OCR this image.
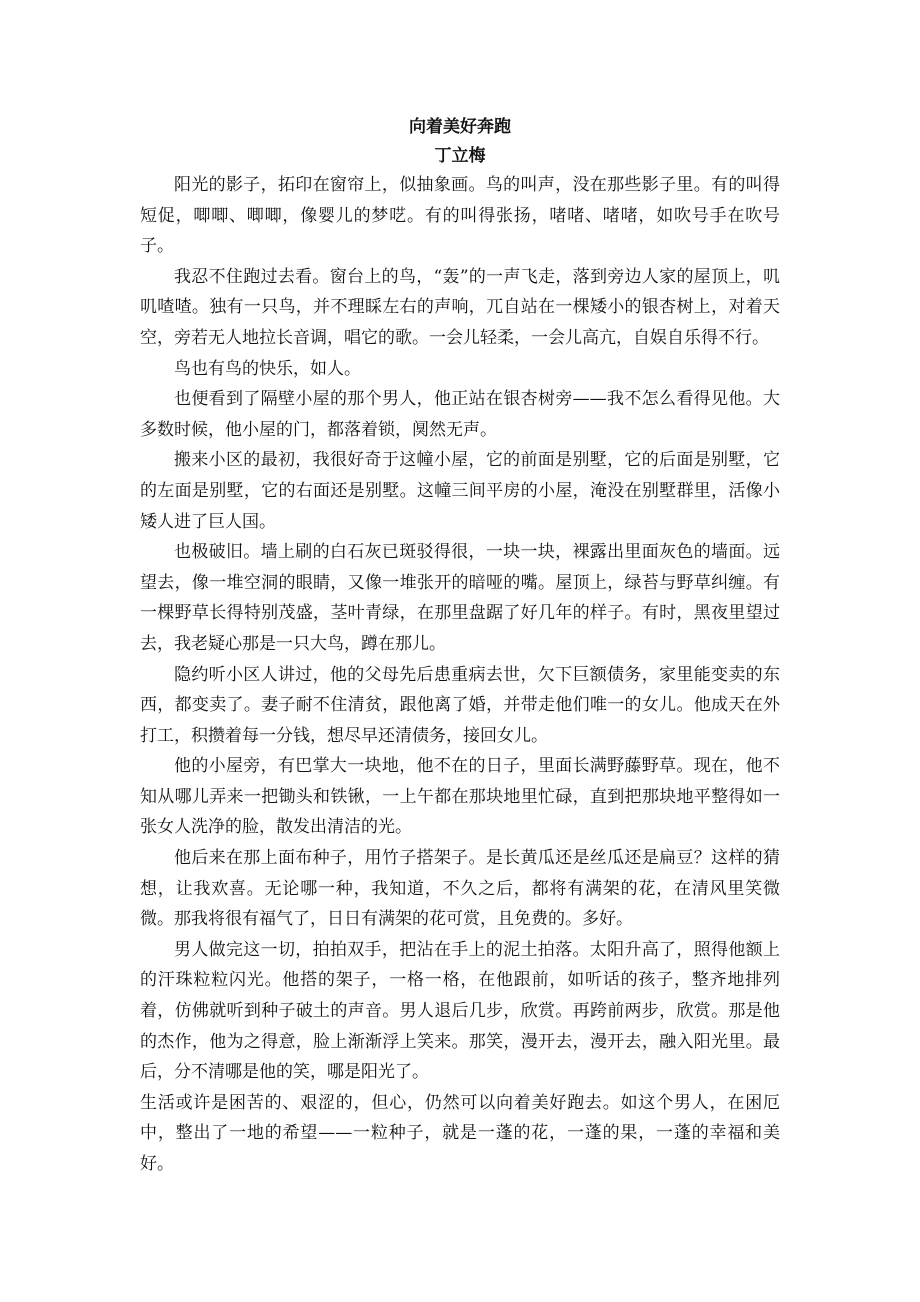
向着美好奔跑
丁立梅

阳光的影子，拓印在窗帘上，似抽象画。鸟的叫声，没在那些影子里。有的叫得短促，唧唧、唧唧，像婴儿的梦呓。有的叫得张扬，啫啫、啫啫，如吹号手在吹号子。

我忍不住跑过去看。窗台上的鸟，“轰”的一声飞走，落到旁边人家的屋顶上，叽叽喳喳。独有一只鸟，并不理睬左右的声响，兀自站在一棵矮小的银杏树上，对着天空，旁若无人地拉长音调，唱它的歌。一会儿轻柔，一会儿高亢，自娱自乐得不行。

鸟也有鸟的快乐，如人。

也便看到了隔壁小屋的那个男人，他正站在银杏树旁——我不怎么看得见他。大多数时候，他小屋的门，都落着锁，阒然无声。

搬来小区的最初，我很好奇于这幢小屋，它的前面是别墅，它的后面是别墅，它的左面是别墅，它的右面还是别墅。这幢三间平房的小屋，淹没在别墅群里，活像小矮人进了巨人国。

也极破旧。墙上刷的白石灰已斑驳得很，一块一块，裸露出里面灰色的墙面。远望去，像一堆空洞的眼睛，又像一堆张开的暗哑的嘴。屋顶上，绿苔与野草纠缠。有一棵野草长得特别茂盛，茎叶青绿，在那里盘踞了好几年的样子。有时，黑夜里望过去，我老疑心那是一只大鸟，蹲在那儿。

隐约听小区人讲过，他的父母先后患重病去世，欠下巨额债务，家里能变卖的东西，都变卖了。妻子耐不住清贫，跟他离了婚，并带走他们唯一的女儿。他成天在外打工，积攒着每一分钱，想尽早还清债务，接回女儿。

他的小屋旁，有巴掌大一块地，他不在的日子，里面长满野藤野草。现在，他不知从哪儿弄来一把锄头和铁锹，一上午都在那块地里忙碌，直到把那块地平整得如一张女人洗净的脸，散发出清洁的光。

他后来在那上面布种子，用竹子搭架子。是长黄瓜还是丝瓜还是扁豆？这样的猜想，让我欢喜。无论哪一种，我知道，不久之后，都将有满架的花，在清风里笑微微。那我将很有福气了，日日有满架的花可赏，且免费的。多好。

男人做完这一切，拍拍双手，把沾在手上的泥土拍落。太阳升高了，照得他额上的汗珠粒粒闪光。他搭的架子，一格一格，在他跟前，如听话的孩子，整齐地排列着，仿佛就听到种子破土的声音。男人退后几步，欣赏。再跨前两步，欣赏。那是他的杰作，他为之得意，脸上渐渐浮上笑来。那笑，漫开去，漫开去，融入阳光里。最后，分不清哪是他的笑，哪是阳光了。

生活或许是困苦的、艰涩的，但心，仍然可以向着美好跑去。如这个男人，在困厄中，整出了一地的希望——一粒种子，就是一蓬的花，一蓬的果，一蓬的幸福和美好。
